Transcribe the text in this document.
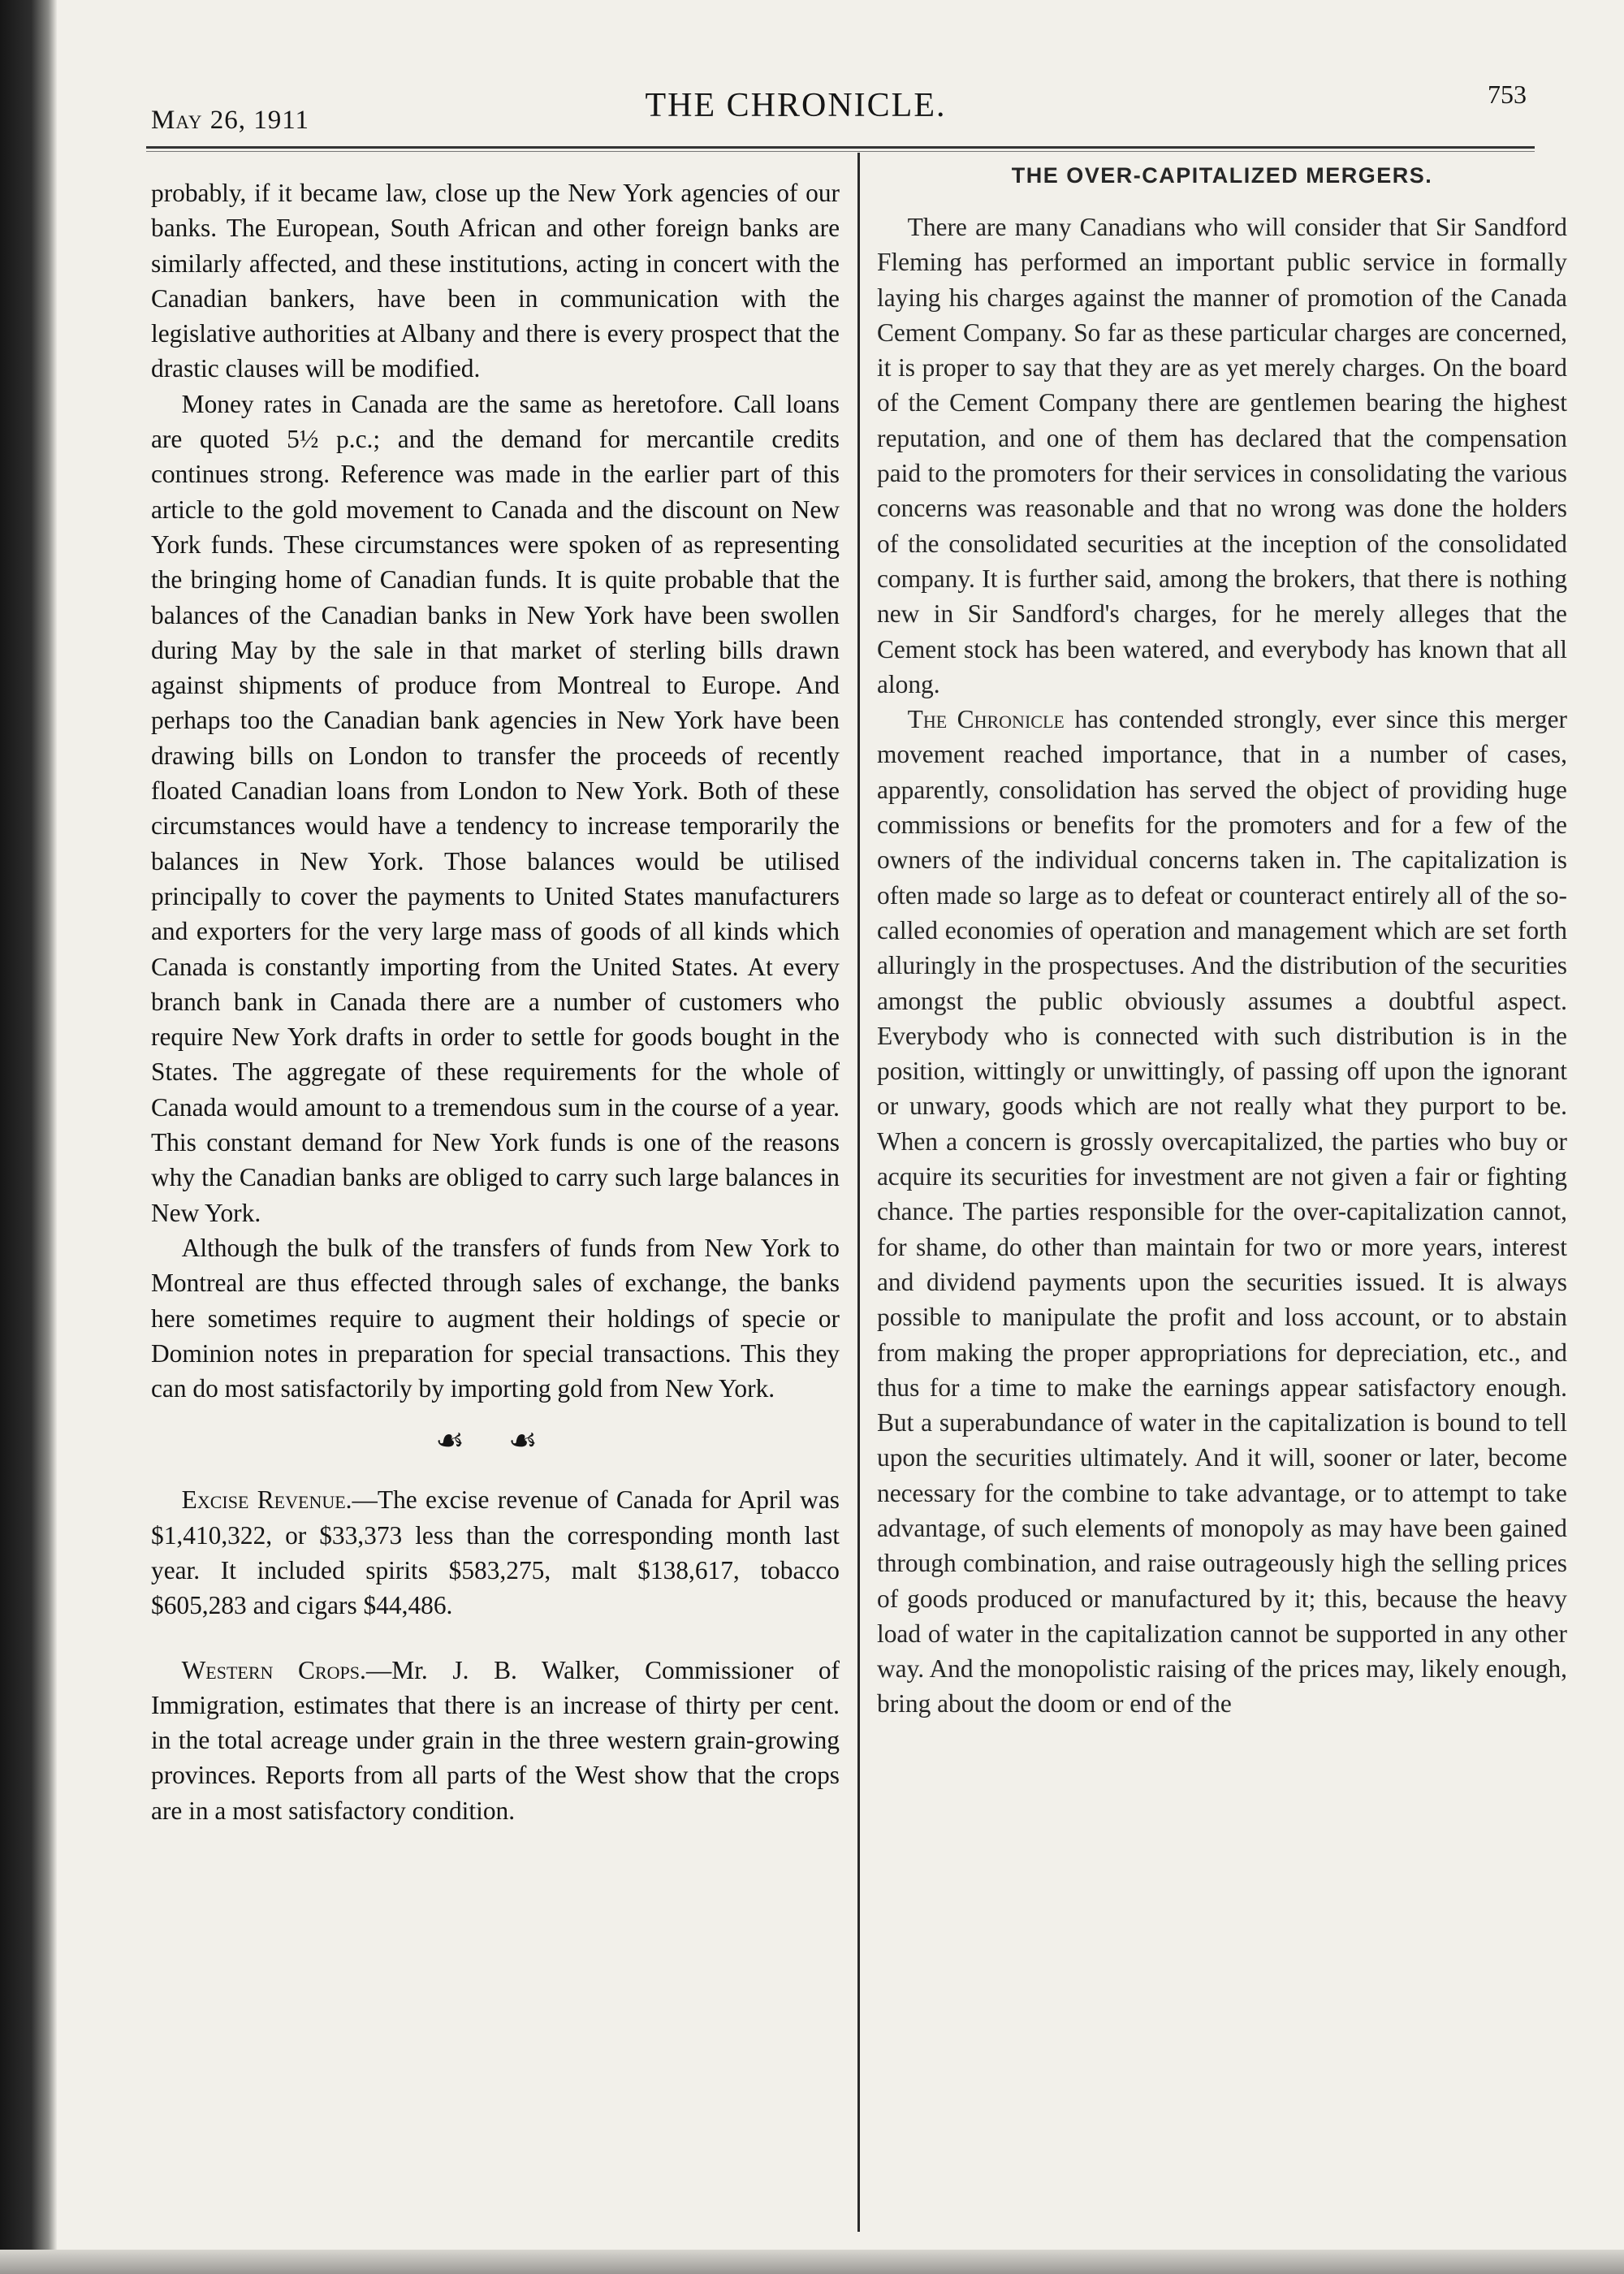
May 26, 1911	THE CHRONICLE.	753

probably, if it became law, close up the New York agencies of our banks. The European, South African and other foreign banks are similarly affected, and these institutions, acting in concert with the Canadian bankers, have been in communication with the legislative authorities at Albany and there is every prospect that the drastic clauses will be modified.

Money rates in Canada are the same as heretofore. Call loans are quoted 5½ p.c.; and the demand for mercantile credits continues strong. Reference was made in the earlier part of this article to the gold movement to Canada and the discount on New York funds. These circumstances were spoken of as representing the bringing home of Canadian funds. It is quite probable that the balances of the Canadian banks in New York have been swollen during May by the sale in that market of sterling bills drawn against shipments of produce from Montreal to Europe. And perhaps too the Canadian bank agencies in New York have been drawing bills on London to transfer the proceeds of recently floated Canadian loans from London to New York. Both of these circumstances would have a tendency to increase temporarily the balances in New York. Those balances would be utilised principally to cover the payments to United States manufacturers and exporters for the very large mass of goods of all kinds which Canada is constantly importing from the United States. At every branch bank in Canada there are a number of customers who require New York drafts in order to settle for goods bought in the States. The aggregate of these requirements for the whole of Canada would amount to a tremendous sum in the course of a year. This constant demand for New York funds is one of the reasons why the Canadian banks are obliged to carry such large balances in New York.

Although the bulk of the transfers of funds from New York to Montreal are thus effected through sales of exchange, the banks here sometimes require to augment their holdings of specie or Dominion notes in preparation for special transactions. This they can do most satisfactorily by importing gold from New York.

☙ ☙

Excise Revenue.—The excise revenue of Canada for April was $1,410,322, or $33,373 less than the corresponding month last year. It included spirits $583,275, malt $138,617, tobacco $605,283 and cigars $44,486.

Western Crops.—Mr. J. B. Walker, Commissioner of Immigration, estimates that there is an increase of thirty per cent. in the total acreage under grain in the three western grain-growing provinces. Reports from all parts of the West show that the crops are in a most satisfactory condition.

THE OVER-CAPITALIZED MERGERS.

There are many Canadians who will consider that Sir Sandford Fleming has performed an important public service in formally laying his charges against the manner of promotion of the Canada Cement Company. So far as these particular charges are concerned, it is proper to say that they are as yet merely charges. On the board of the Cement Company there are gentlemen bearing the highest reputation, and one of them has declared that the compensation paid to the promoters for their services in consolidating the various concerns was reasonable and that no wrong was done the holders of the consolidated securities at the inception of the consolidated company. It is further said, among the brokers, that there is nothing new in Sir Sandford's charges, for he merely alleges that the Cement stock has been watered, and everybody has known that all along.

The Chronicle has contended strongly, ever since this merger movement reached importance, that in a number of cases, apparently, consolidation has served the object of providing huge commissions or benefits for the promoters and for a few of the owners of the individual concerns taken in. The capitalization is often made so large as to defeat or counteract entirely all of the so-called economies of operation and management which are set forth alluringly in the prospectuses. And the distribution of the securities amongst the public obviously assumes a doubtful aspect. Everybody who is connected with such distribution is in the position, wittingly or unwittingly, of passing off upon the ignorant or unwary, goods which are not really what they purport to be. When a concern is grossly overcapitalized, the parties who buy or acquire its securities for investment are not given a fair or fighting chance. The parties responsible for the over-capitalization cannot, for shame, do other than maintain for two or more years, interest and dividend payments upon the securities issued. It is always possible to manipulate the profit and loss account, or to abstain from making the proper appropriations for depreciation, etc., and thus for a time to make the earnings appear satisfactory enough. But a superabundance of water in the capitalization is bound to tell upon the securities ultimately. And it will, sooner or later, become necessary for the combine to take advantage, or to attempt to take advantage, of such elements of monopoly as may have been gained through combination, and raise outrageously high the selling prices of goods produced or manufactured by it; this, because the heavy load of water in the capitalization cannot be supported in any other way. And the monopolistic raising of the prices may, likely enough, bring about the doom or end of the
